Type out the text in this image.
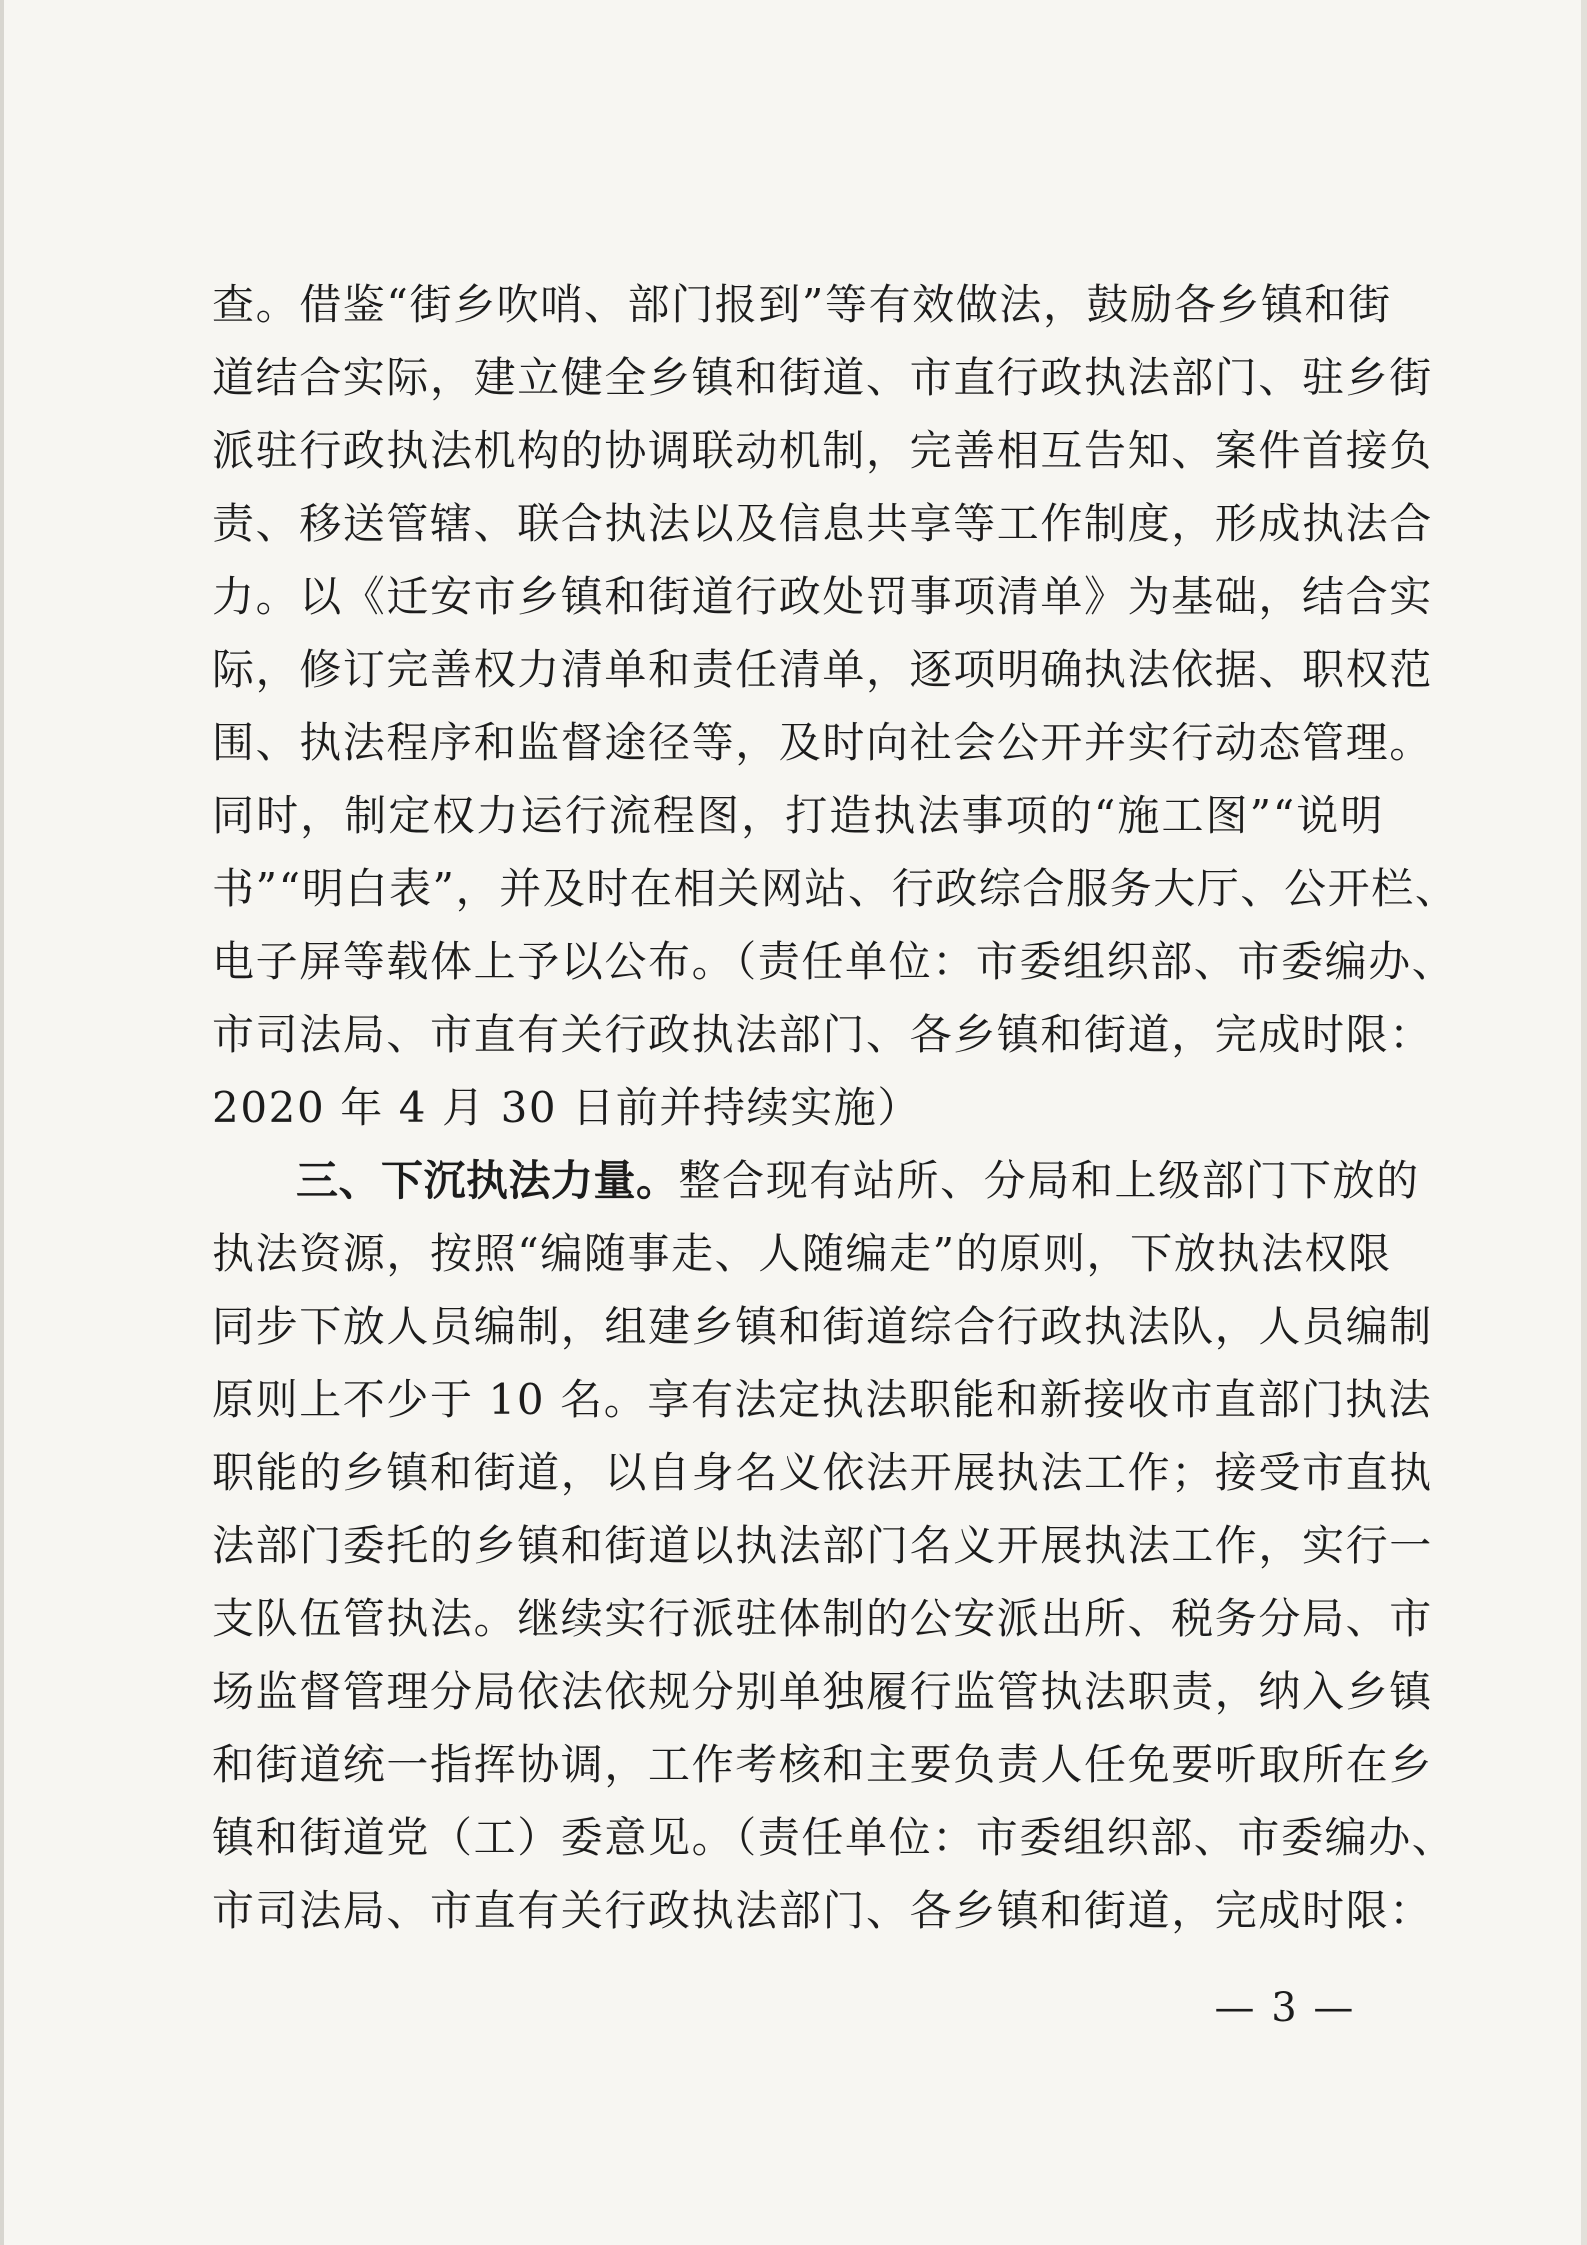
查。借鉴“街乡吹哨、部门报到”等有效做法，鼓励各乡镇和街
道结合实际，建立健全乡镇和街道、市直行政执法部门、驻乡街
派驻行政执法机构的协调联动机制，完善相互告知、案件首接负
责、移送管辖、联合执法以及信息共享等工作制度，形成执法合
力。以《迁安市乡镇和街道行政处罚事项清单》为基础，结合实
际，修订完善权力清单和责任清单，逐项明确执法依据、职权范
围、执法程序和监督途径等，及时向社会公开并实行动态管理。
同时，制定权力运行流程图，打造执法事项的“施工图”“说明
书”“明白表”，并及时在相关网站、行政综合服务大厅、公开栏、
电子屏等载体上予以公布。（责任单位：市委组织部、市委编办、
市司法局、市直有关行政执法部门、各乡镇和街道，完成时限：
2020 年 4 月 30 日前并持续实施）
三、下沉执法力量。整合现有站所、分局和上级部门下放的
执法资源，按照“编随事走、人随编走”的原则，下放执法权限
同步下放人员编制，组建乡镇和街道综合行政执法队，人员编制
原则上不少于 10 名。享有法定执法职能和新接收市直部门执法
职能的乡镇和街道，以自身名义依法开展执法工作；接受市直执
法部门委托的乡镇和街道以执法部门名义开展执法工作，实行一
支队伍管执法。继续实行派驻体制的公安派出所、税务分局、市
场监督管理分局依法依规分别单独履行监管执法职责，纳入乡镇
和街道统一指挥协调，工作考核和主要负责人任免要听取所在乡
镇和街道党（工）委意见。（责任单位：市委组织部、市委编办、
市司法局、市直有关行政执法部门、各乡镇和街道，完成时限：
— 3 —
